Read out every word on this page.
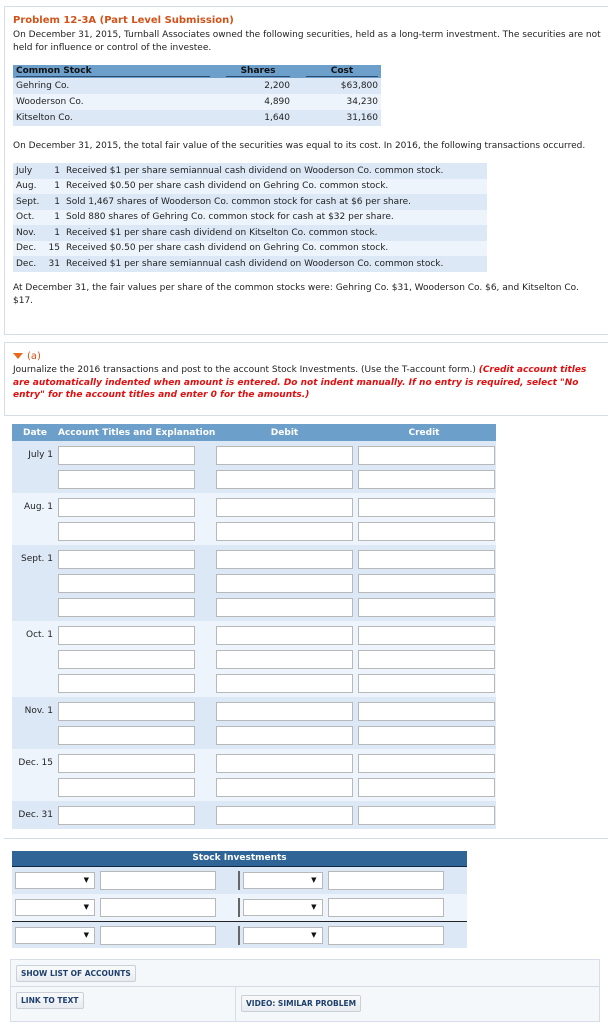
Problem 12-3A (Part Level Submission)

On December 31, 2015, Turnball Associates owned the following securities, held as a long-term investment. The securities are not held for influence or control of the investee.

Common Stock	Shares	Cost

Gehring Co.	2,200	$63,800
Wooderson Co.	4,890	34,230
Kitselton Co.	1,640	31,160

On December 31, 2015, the total fair value of the securities was equal to its cost. In 2016, the following transactions occurred.

July	1	Received $1 per share semiannual cash dividend on Wooderson Co. common stock.
Aug.	1	Received $0.50 per share cash dividend on Gehring Co. common stock.
Sept.	1	Sold 1,467 shares of Wooderson Co. common stock for cash at $6 per share.
Oct.	1	Sold 880 shares of Gehring Co. common stock for cash at $32 per share.
Nov.	1	Received $1 per share cash dividend on Kitselton Co. common stock.
Dec.	15	Received $0.50 per share cash dividend on Gehring Co. common stock.
Dec.	31	Received $1 per share semiannual cash dividend on Wooderson Co. common stock.

At December 31, the fair values per share of the common stocks were: Gehring Co. $31, Wooderson Co. $6, and Kitselton Co. $17.

(a)
Journalize the 2016 transactions and post to the account Stock Investments. (Use the T-account form.) (Credit account titles are automatically indented when amount is entered. Do not indent manually. If no entry is required, select "No entry" for the account titles and enter 0 for the amounts.)
Date	Account Titles and Explanation	Debit	Credit
July 1
Aug. 1
Sept. 1
Oct. 1
Nov. 1
Dec. 15
Dec. 31
Stock Investments
▼
▼
▼
▼
▼
▼
SHOW LIST OF ACCOUNTS
LINK TO TEXT	VIDEO: SIMILAR PROBLEM
